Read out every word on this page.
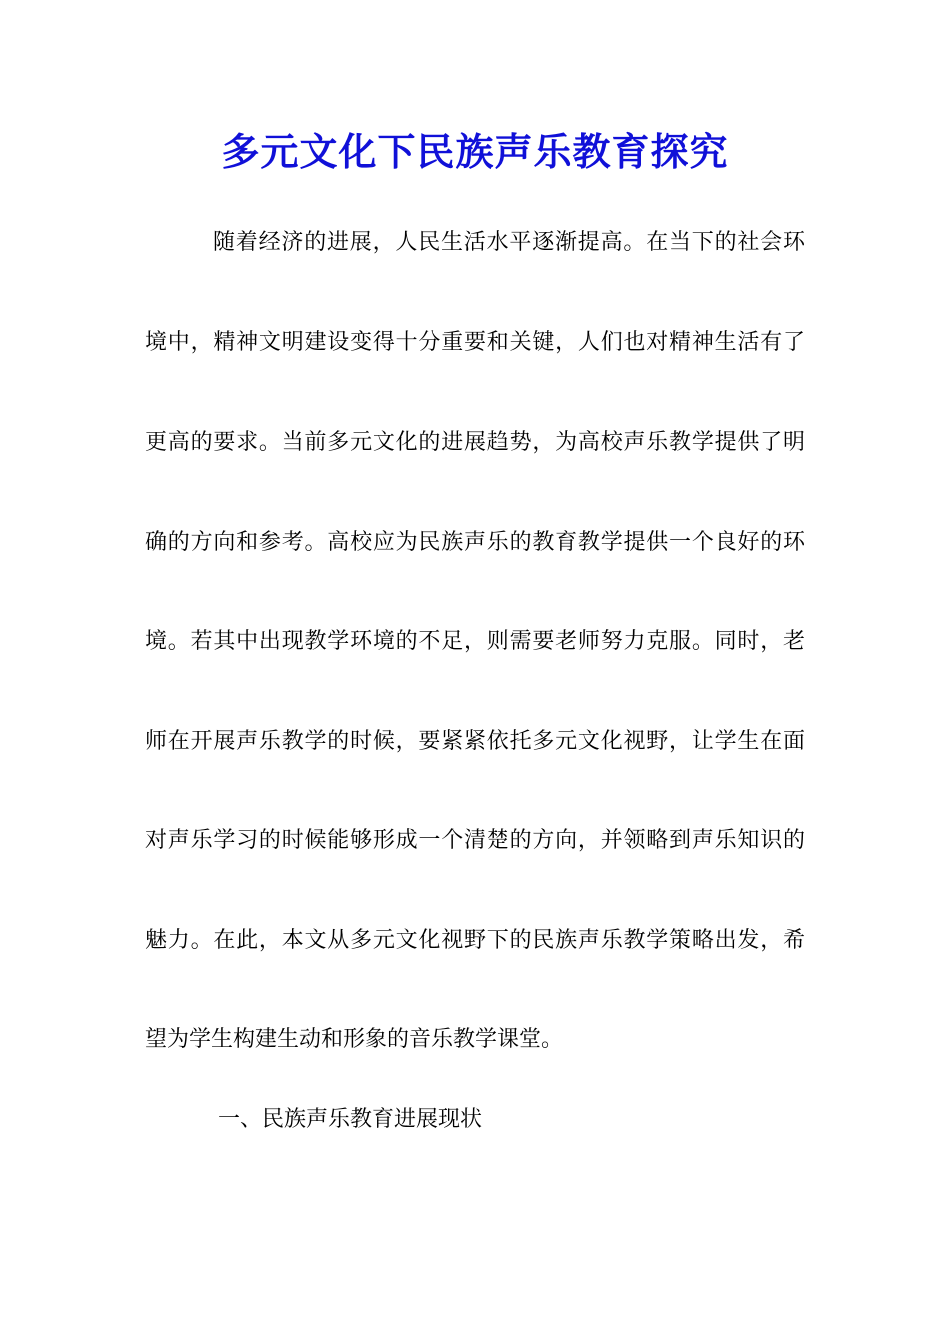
多元文化下民族声乐教育探究
随着经济的进展，人民生活水平逐渐提高。在当下的社会环
境中，精神文明建设变得十分重要和关键，人们也对精神生活有了
更高的要求。当前多元文化的进展趋势，为高校声乐教学提供了明
确的方向和参考。高校应为民族声乐的教育教学提供一个良好的环
境。若其中出现教学环境的不足，则需要老师努力克服。同时，老
师在开展声乐教学的时候，要紧紧依托多元文化视野，让学生在面
对声乐学习的时候能够形成一个清楚的方向，并领略到声乐知识的
魅力。在此，本文从多元文化视野下的民族声乐教学策略出发，希
望为学生构建生动和形象的音乐教学课堂。
一、民族声乐教育进展现状
